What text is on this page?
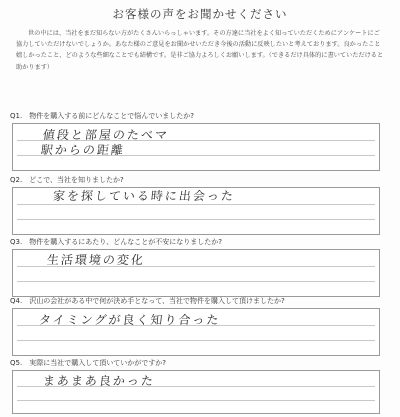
お客様の声をお聞かせください
世の中には、当社をまだ知らない方がたくさんいらっしゃいます。その方達に当社をよく知っていただくためにアンケートにご協力していただけないでしょうか。あなた様のご意見をお聞かせいただき今後の活動に反映したいと考えております。良かったこと嬉しかったこと、どのような些細なことでも結構です。是非ご協力よろしくお願いします。（できるだけ具体的に書いていただけると助かります）
Q1.　物件を購入する前にどんなことで悩んでいましたか?
値段と部屋のたべマ
駅からの距離
Q2.　どこで、当社を知りましたか?
家を探している時に出会った
Q3.　物件を購入するにあたり、どんなことが不安になりましたか?
生活環境の変化
Q4.　沢山の会社がある中で何が決め手となって、当社で物件を購入して頂けましたか?
タイミングが良く知り合った
Q5.　実際に当社で購入して頂いていかがですか?
まあまあ良かった
